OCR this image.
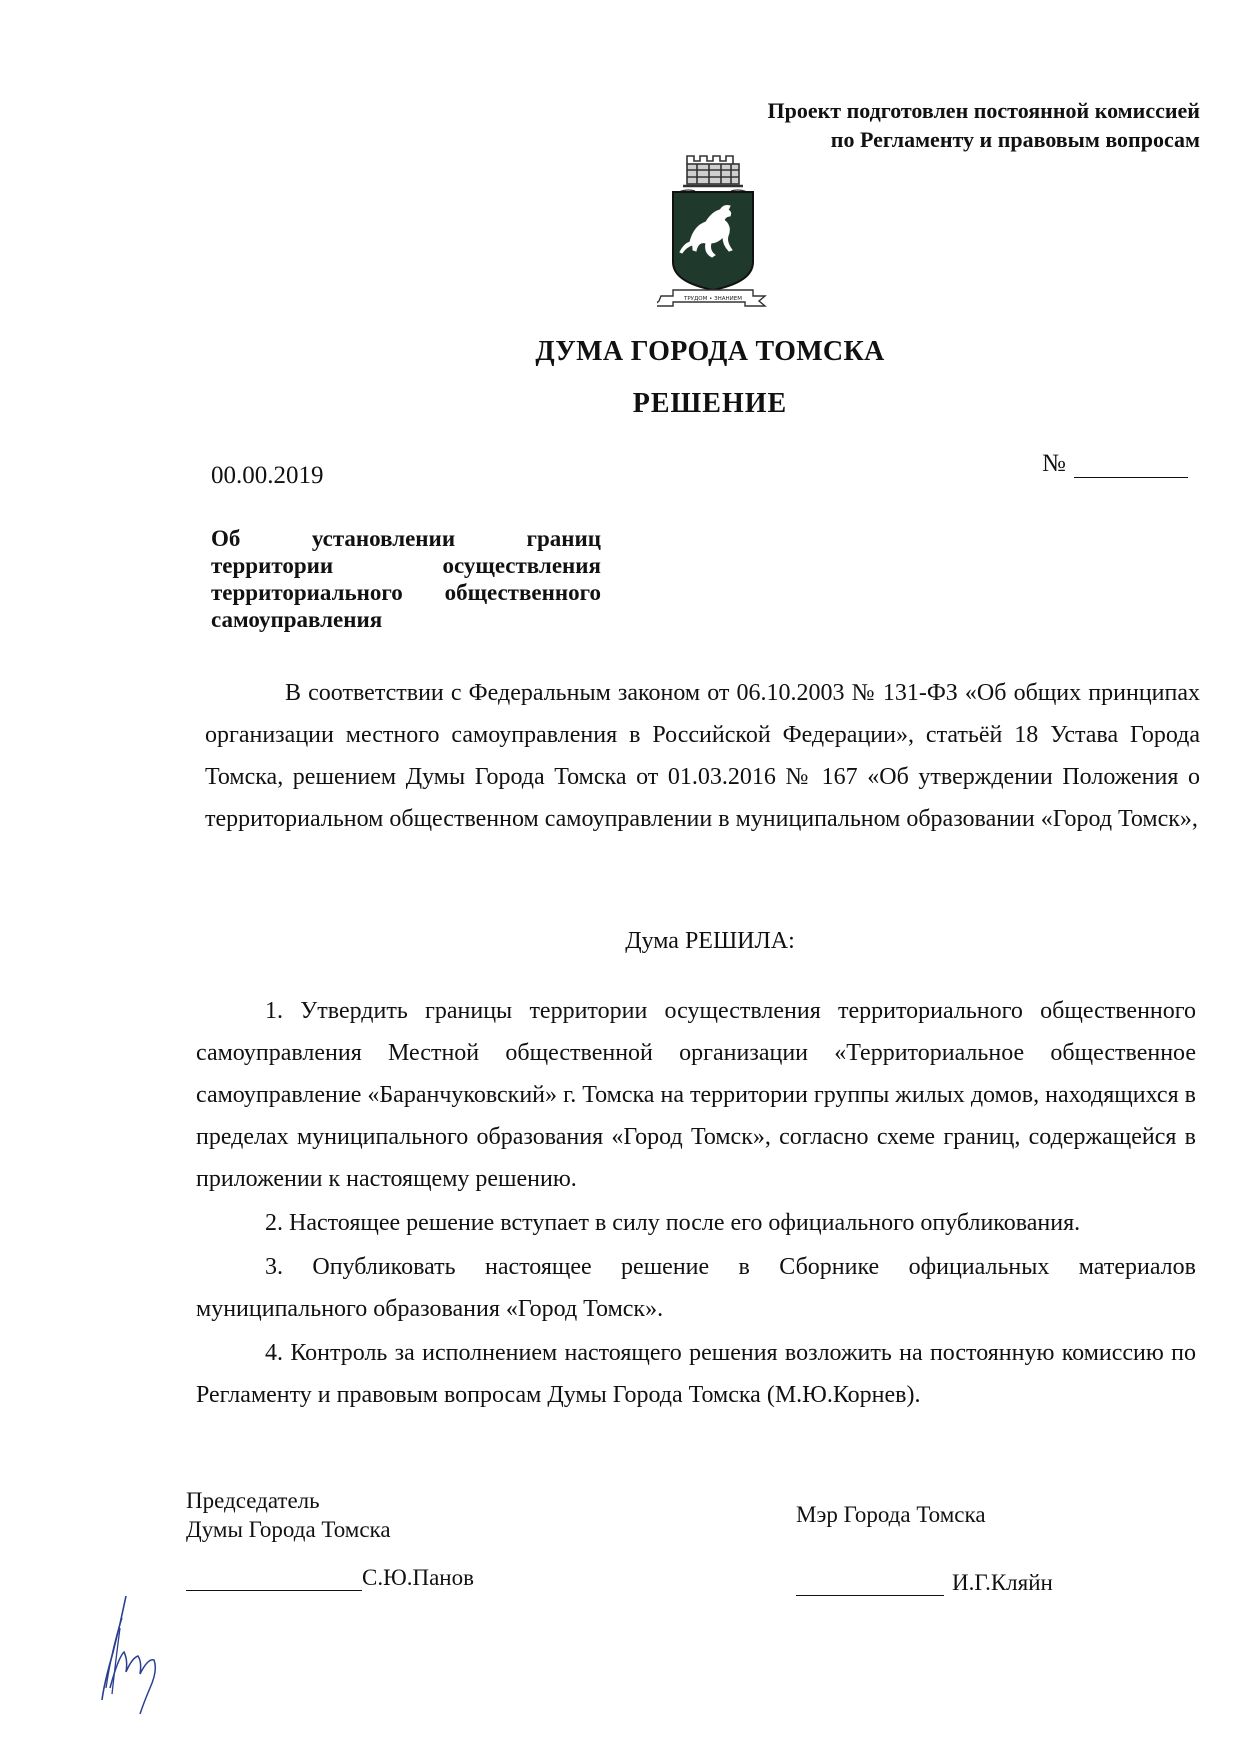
Проект подготовлен постоянной комиссией
по Регламенту и правовым вопросам
ТРУДОМ • ЗНАНИЕМ
ДУМА ГОРОДА ТОМСКА
РЕШЕНИЕ
00.00.2019	№
Об установлении границ
территории осуществления
территориального общественного
самоуправления

В соответствии с Федеральным законом от 06.10.2003 № 131-ФЗ «Об общих принципах организации местного самоуправления в Российской Федерации», статьёй 18 Устава Города Томска, решением Думы Города Томска от 01.03.2016 № 167 «Об утверждении Положения о территориальном общественном самоуправлении в муниципальном образовании «Город Томск»,

Дума РЕШИЛА:

1. Утвердить границы территории осуществления территориального общественного самоуправления Местной общественной организации «Территориальное общественное самоуправление «Баранчуковский» г. Томска на территории группы жилых домов, находящихся в пределах муниципального образования «Город Томск», согласно схеме границ, содержащейся в приложении к настоящему решению.

2. Настоящее решение вступает в силу после его официального опубликования.

3. Опубликовать настоящее решение в Сборнике официальных материалов муниципального образования «Город Томск».

4. Контроль за исполнением настоящего решения возложить на постоянную комиссию по Регламенту и правовым вопросам Думы Города Томска (М.Ю.Корнев).

Председатель
Думы Города Томска
С.Ю.Панов
Мэр Города Томска
И.Г.Кляйн
